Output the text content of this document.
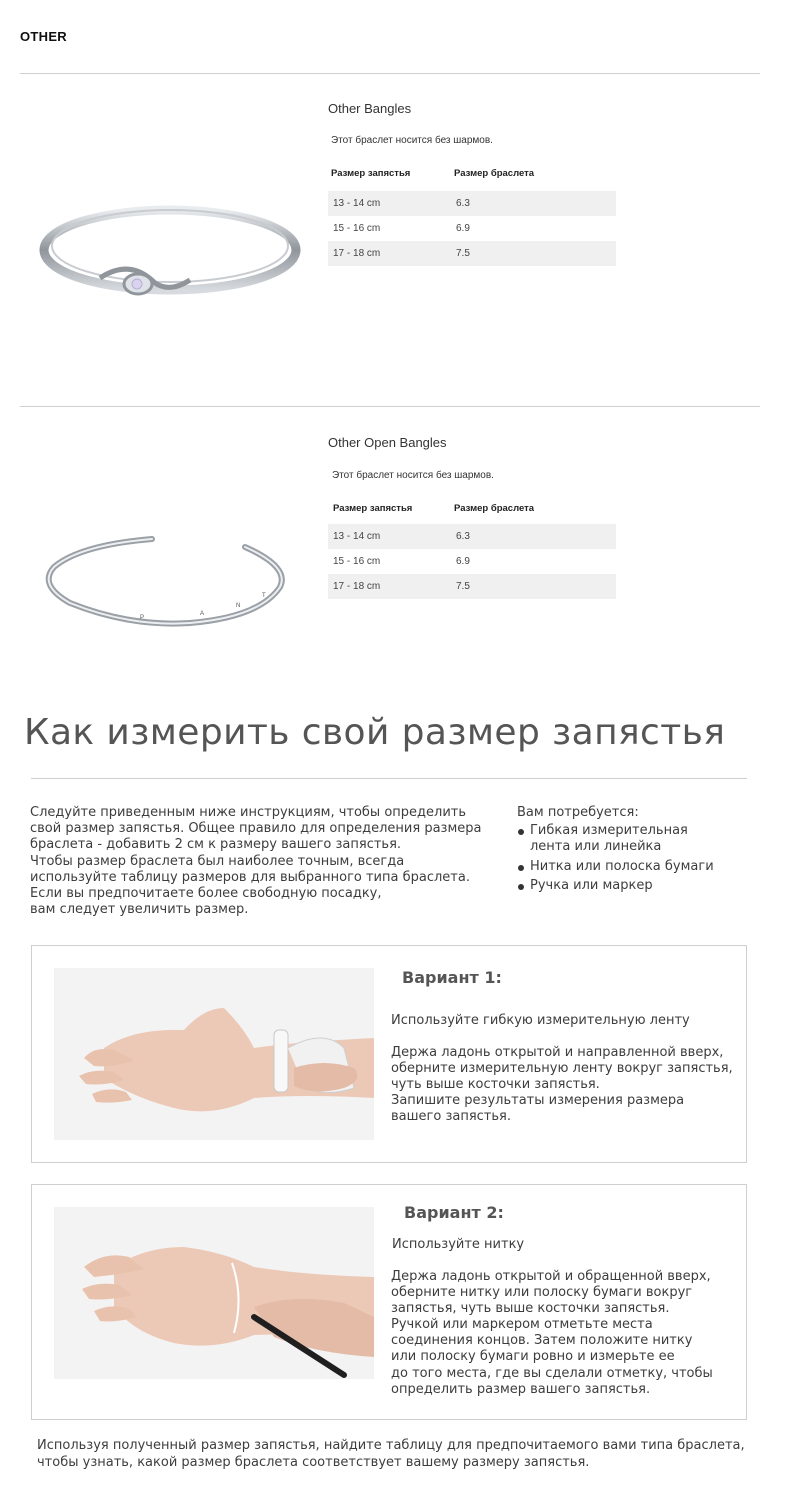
OTHER
Other Bangles
Этот браслет носится без шармов.
Размер запястья	Размер браслета
13 - 14 cm	6.3
15 - 16 cm	6.9
17 - 18 cm	7.5
P
A
N
T
Other Open Bangles
Этот браслет носится без шармов.
Размер запястья	Размер браслета
13 - 14 cm	6.3
15 - 16 cm	6.9
17 - 18 cm	7.5
Как измерить свой размер запястья

Следуйте приведенным ниже инструкциям, чтобы определить

свой размер запястья. Общее правило для определения размера

браслета - добавить 2 см к размеру вашего запястья.

Чтобы размер браслета был наиболее точным, всегда

используйте таблицу размеров для выбранного типа браслета.

Если вы предпочитаете более свободную посадку,

вам следует увеличить размер.

Вам потребуется:
Гибкая измерительная лента или линейка
Нитка или полоска бумаги
Ручка или маркер
Вариант 1:
Используйте гибкую измерительную ленту

Держа ладонь открытой и направленной вверх,

оберните измерительную ленту вокруг запястья,

чуть выше косточки запястья.

Запишите результаты измерения размера

вашего запястья.

Вариант 2:
Используйте нитку

Держа ладонь открытой и обращенной вверх,

оберните нитку или полоску бумаги вокруг

запястья, чуть выше косточки запястья.

Ручкой или маркером отметьте места

соединения концов. Затем положите нитку

или полоску бумаги ровно и измерьте ее

до того места, где вы сделали отметку, чтобы

определить размер вашего запястья.

Используя полученный размер запястья, найдите таблицу для предпочитаемого вами типа браслета,

чтобы узнать, какой размер браслета соответствует вашему размеру запястья.
